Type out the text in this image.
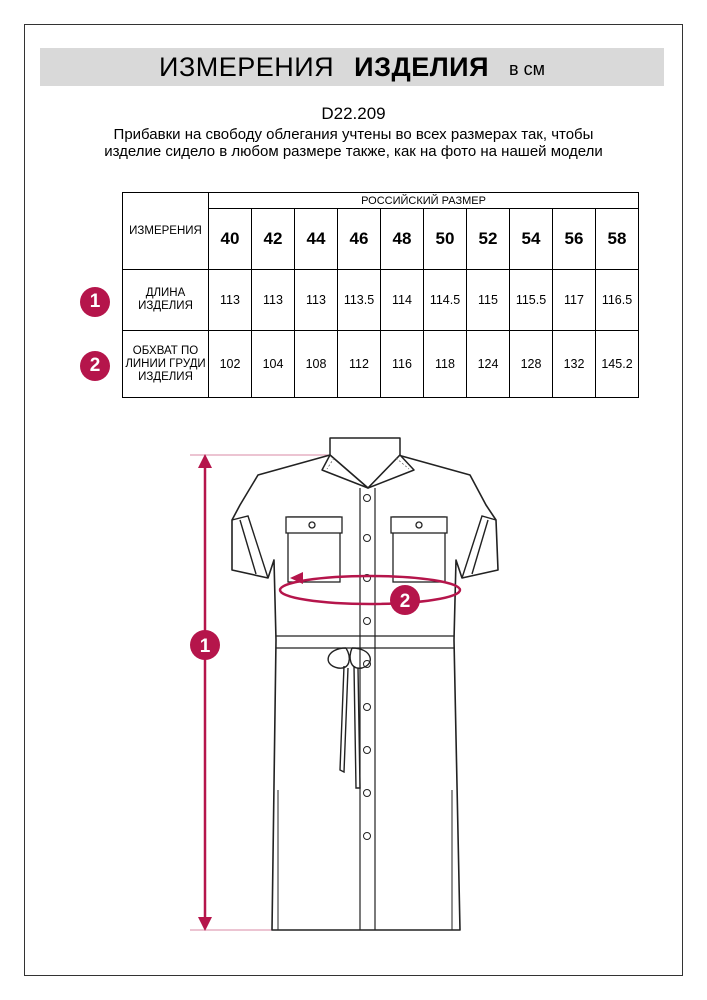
ИЗМЕРЕНИЯ ИЗДЕЛИЯ в см
D22.209
Прибавки на свободу облегания учтены во всех размерах так, чтобы изделие сидело в любом размере также, как на фото на нашей модели
ИЗМЕРЕНИЯ	РОССИЙСКИЙ РАЗМЕР									
	40	42	44	46	48	50	52	54	56	58
ДЛИНА ИЗДЕЛИЯ	113	113	113	113.5	114	114.5	115	115.5	117	116.5
ОБХВАТ ПО ЛИНИИ ГРУДИ ИЗДЕЛИЯ	102	104	108	112	116	118	124	128	132	145.2
1
2
1
2
